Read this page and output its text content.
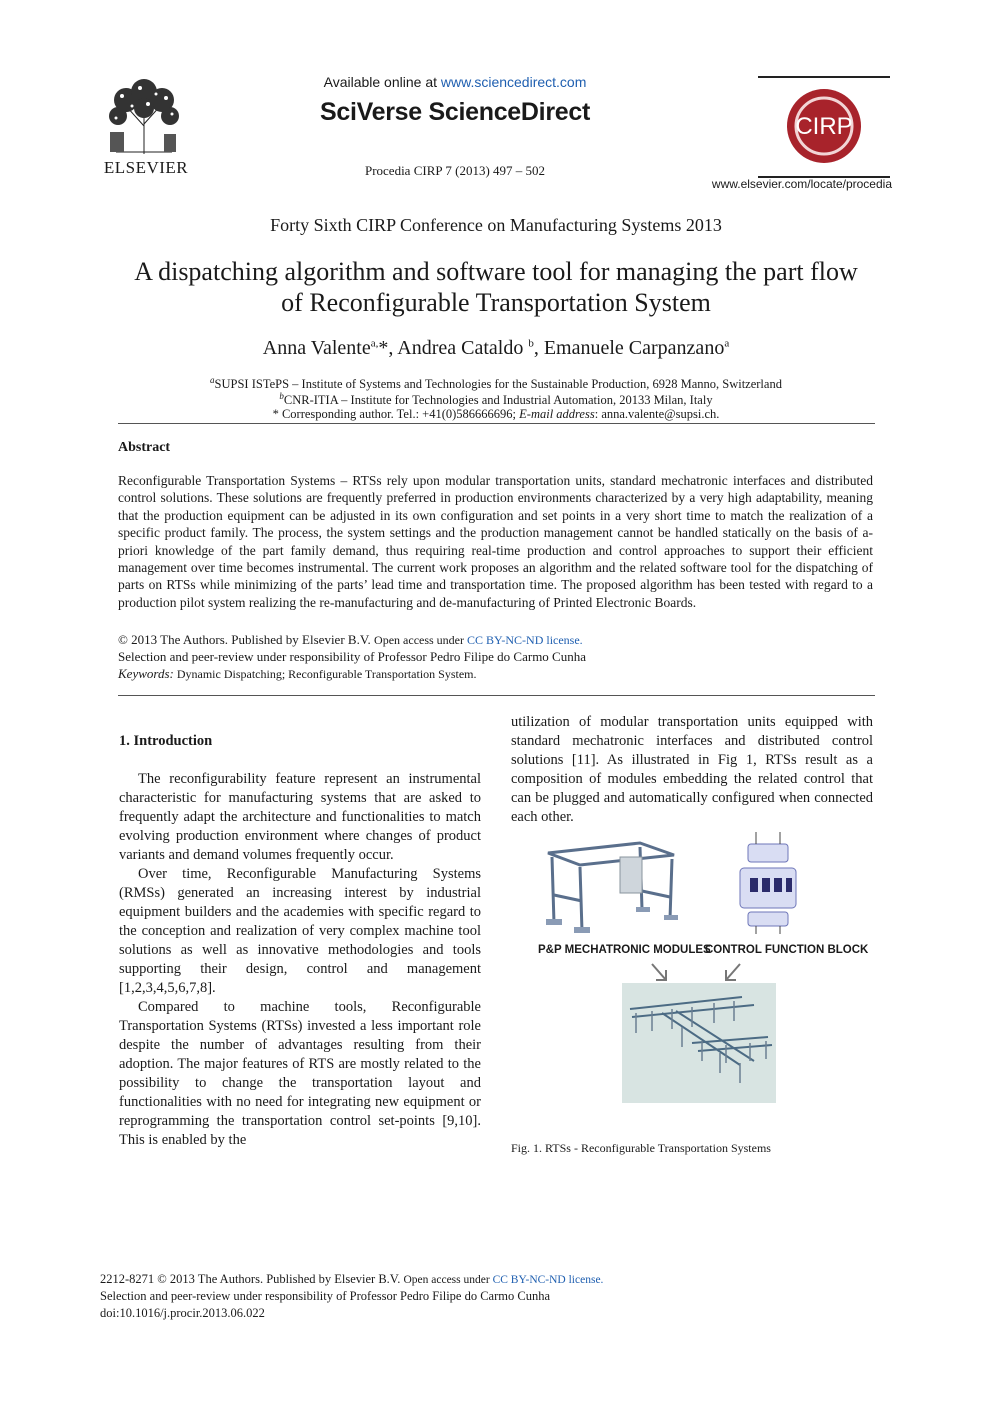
ELSEVIER
Available online at www.sciencedirect.com
SciVerse ScienceDirect
Procedia CIRP 7 (2013) 497 – 502
CIRP
www.elsevier.com/locate/procedia
Forty Sixth CIRP Conference on Manufacturing Systems 2013
A dispatching algorithm and software tool for managing the part flow
of Reconfigurable Transportation System
Anna Valente$^{a,}$*, Andrea Cataldo $^b$, Emanuele Carpanzano$^a$
$^a$SUPSI ISTePS – Institute of Systems and Technologies for the Sustainable Production, 6928 Manno, Switzerland
$^b$CNR-ITIA – Institute for Technologies and Industrial Automation, 20133 Milan, Italy
* Corresponding author. Tel.: +41(0)586666696; E-mail address: anna.valente@supsi.ch.
Abstract
Reconfigurable Transportation Systems – RTSs rely upon modular transportation units, standard mechatronic interfaces and distributed control solutions. These solutions are frequently preferred in production environments characterized by a very high adaptability, meaning that the production equipment can be adjusted in its own configuration and set points in a very short time to match the realization of a specific product family. The process, the system settings and the production management cannot be handled statically on the basis of a-priori knowledge of the part family demand, thus requiring real-time production and control approaches to support their efficient management over time becomes instrumental. The current work proposes an algorithm and the related software tool for the dispatching of parts on RTSs while minimizing of the parts’ lead time and transportation time. The proposed algorithm has been tested with regard to a production pilot system realizing the re-manufacturing and de-manufacturing of Printed Electronic Boards.
© 2013 The Authors. Published by Elsevier B.V. Open access under CC BY-NC-ND license.
Selection and peer-review under responsibility of Professor Pedro Filipe do Carmo Cunha
Keywords: Dynamic Dispatching; Reconfigurable Transportation System.
1. Introduction

The reconfigurability feature represent an instrumental characteristic for manufacturing systems that are asked to frequently adapt the architecture and functionalities to match evolving production environment where changes of product variants and demand volumes frequently occur.

Over time, Reconfigurable Manufacturing Systems (RMSs) generated an increasing interest by industrial equipment builders and the academies with specific regard to the conception and realization of very complex machine tool solutions as well as innovative methodologies and tools supporting their design, control and management [1,2,3,4,5,6,7,8].

Compared to machine tools, Reconfigurable Transportation Systems (RTSs) invested a less important role despite the number of advantages resulting from their adoption. The major features of RTS are mostly related to the possibility to change the transportation layout and functionalities with no need for integrating new equipment or reprogramming the transportation control set-points [9,10]. This is enabled by the

utilization of modular transportation units equipped with standard mechatronic interfaces and distributed control solutions [11]. As illustrated in Fig 1, RTSs result as a composition of modules embedding the related control that can be plugged and automatically configured when connected each other.

P&P MECHATRONIC MODULES
CONTROL FUNCTION BLOCK
Fig. 1. RTSs - Reconfigurable Transportation Systems
2212-8271 © 2013 The Authors. Published by Elsevier B.V. Open access under CC BY-NC-ND license.
Selection and peer-review under responsibility of Professor Pedro Filipe do Carmo Cunha
doi:10.1016/j.procir.2013.06.022
